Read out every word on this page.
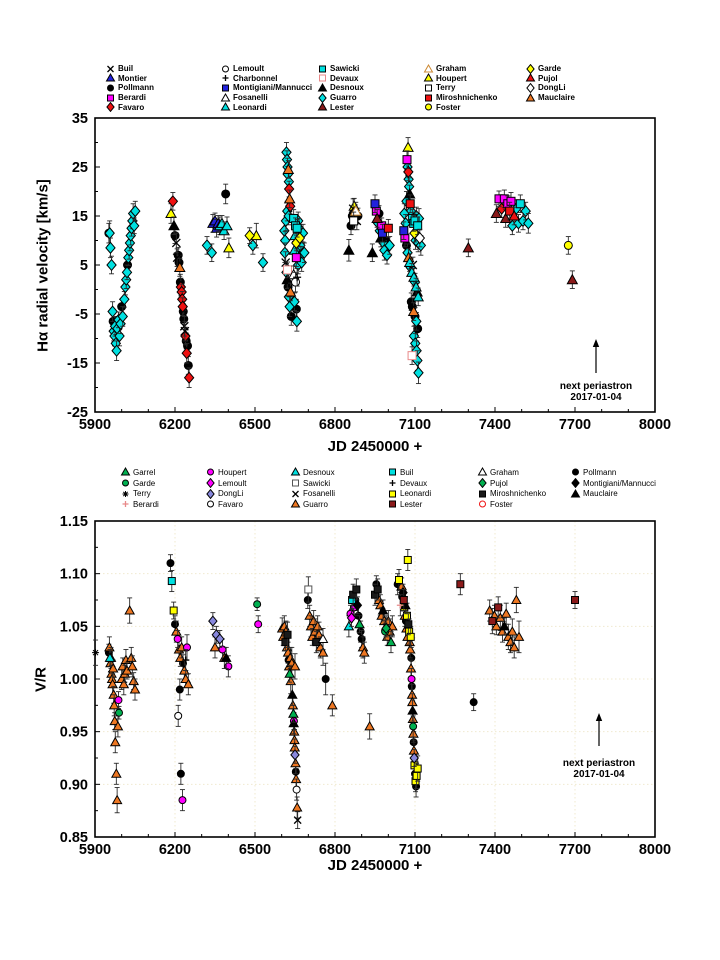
5900	6200	6500	6800	7100	7400	7700	8000
-25
-15
-5
5
15
25
35
Hα radial velocity [km/s]
JD 2450000 +
next periastron
2017-01-04
5900	6200	6500	6800	7100	7400	7700	8000
0.85
0.90
0.95
1.00
1.05
1.10
1.15
V/R
JD 2450000 +
next periastron
2017-01-04
Buil
Montier
Pollmann
Berardi
Favaro
Lemoult
Charbonnel
Montigiani/Mannucci
Fosanelli
Leonardi
Sawicki
Devaux
Desnoux
Guarro
Lester
Graham
Houpert
Terry
Miroshnichenko
Foster
Garde
Pujol
DongLi
Mauclaire
Garrel
Garde
Terry
Berardi
Houpert
Lemoult
DongLi
Favaro
Desnoux
Sawicki
Fosanelli
Guarro
Buil
Devaux
Leonardi
Lester
Graham
Pujol
Miroshnichenko
Foster
Pollmann
Montigiani/Mannucci
Mauclaire
